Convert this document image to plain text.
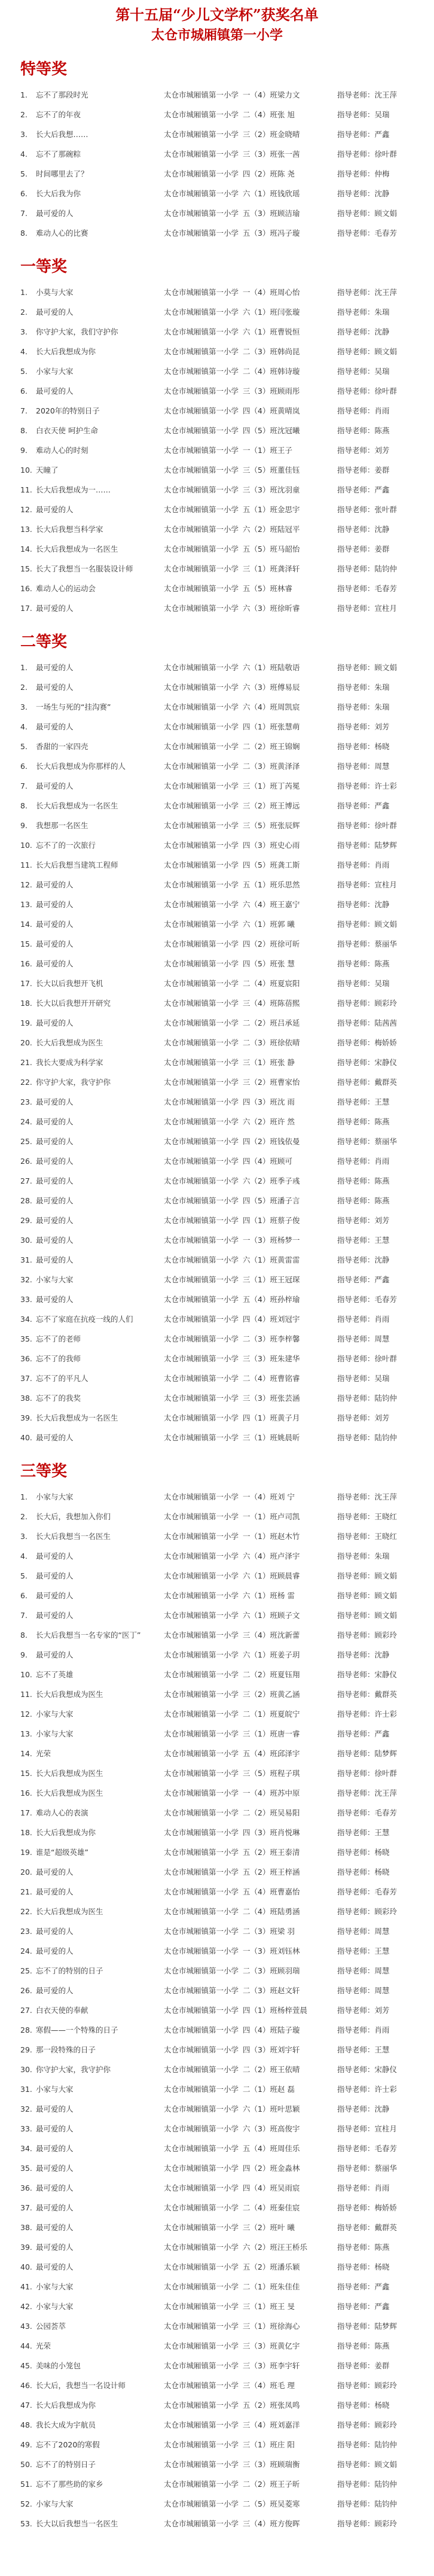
第十五届“少儿文学杯”获奖名单

太仓市城厢镇第一小学

特等奖
1. 忘不了那段时光	太仓市城厢镇第一小学 一（4）班 梁力文	指导老师：沈王萍
2. 忘不了的年夜	太仓市城厢镇第一小学 二（4）班 张 旭	指导老师：吴瑞
3. 长大后我想……	太仓市城厢镇第一小学 三（2）班 金晓晴	指导老师：严鑫
4. 忘不了那碗粽	太仓市城厢镇第一小学 三（3）班 张一茜	指导老师：徐叶群
5. 时间哪里去了？	太仓市城厢镇第一小学 四（2）班 陈 尧	指导老师：仲梅
6. 长大后我为你	太仓市城厢镇第一小学 六（1）班 钱欣瑶	指导老师：沈静
7. 最可爱的人	太仓市城厢镇第一小学 五（3）班 顾洁瑜	指导老师：顾文娟
8. 难动人心的比赛	太仓市城厢镇第一小学 五（3）班 冯子璇	指导老师：毛春芳
一等奖
1. 小莫与大家	太仓市城厢镇第一小学 一（4）班 周心怡	指导老师：沈王萍
2. 最可爱的人	太仓市城厢镇第一小学 六（1）班 闫张璇	指导老师：朱瑞
3. 你守护大家，我们守护你	太仓市城厢镇第一小学 六（1）班 曹锐恒	指导老师：沈静
4. 长大后我想成为你	太仓市城厢镇第一小学 二（3）班 韩尚昆	指导老师：顾文娟
5. 小家与大家	太仓市城厢镇第一小学 二（4）班 韩诗璇	指导老师：吴瑞
6. 最可爱的人	太仓市城厢镇第一小学 三（3）班 顾雨彤	指导老师：徐叶群
7. 2020年的特别日子	太仓市城厢镇第一小学 四（4）班 黄晴岚	指导老师：肖雨
8. 白衣天使 呵护生命	太仓市城厢镇第一小学 四（5）班 沈冠曦	指导老师：陈燕
9. 难动人心的时刻	太仓市城厢镇第一小学 一（1）班 王子	指导老师：刘芳
10. 天瞳了	太仓市城厢镇第一小学 三（5）班 董佳钰	指导老师：姜群
11. 长大后我想成为一……	太仓市城厢镇第一小学 三（3）班 沈羽童	指导老师：严鑫
12. 最可爱的人	太仓市城厢镇第一小学 五（1）班 金思宇	指导老师：张叶群
13. 长大后我想当科学家	太仓市城厢镇第一小学 六（2）班 陆冠平	指导老师：沈静
14. 长大后我想成为一名医生	太仓市城厢镇第一小学 五（5）班 马韶怡	指导老师：姜群
15. 长大了我想当一名服装设计师	太仓市城厢镇第一小学 三（1）班 龚泽轩	指导老师：陆钧仲
16. 难动人心的运动会	太仓市城厢镇第一小学 五（5）班 林睿	指导老师：毛春芳
17. 最可爱的人	太仓市城厢镇第一小学 六（3）班 徐昕睿	指导老师：宣柱月
二等奖
1. 最可爱的人	太仓市城厢镇第一小学 六（1）班 陆敬语	指导老师：顾文娟
2. 最可爱的人	太仓市城厢镇第一小学 六（3）班 傅易辰	指导老师：朱瑞
3. 一场生与死的“挂沟赛”	太仓市城厢镇第一小学 六（4）班 周凯宸	指导老师：朱瑞
4. 最可爱的人	太仓市城厢镇第一小学 四（1）班 张慧萌	指导老师：刘芳
5. 香甜的一家四壳	太仓市城厢镇第一小学 二（2）班 王锦娴	指导老师：杨晓
6. 长大后我想成为你那样的人	太仓市城厢镇第一小学 二（3）班 黄泽泽	指导老师：周慧
7. 最可爱的人	太仓市城厢镇第一小学 三（1）班 丁芮冕	指导老师：许士彩
8. 长大后我想成为一名医生	太仓市城厢镇第一小学 三（2）班 王博远	指导老师：严鑫
9. 我想那一名医生	太仓市城厢镇第一小学 三（5）班 张辰辉	指导老师：徐叶群
10. 忘不了的一次旅行	太仓市城厢镇第一小学 四（3）班 史心雨	指导老师：陆梦辉
11. 长大后我想当建筑工程师	太仓市城厢镇第一小学 四（5）班 龚工斯	指导老师：肖雨
12. 最可爱的人	太仓市城厢镇第一小学 五（1）班 乐思然	指导老师：宣柱月
13. 最可爱的人	太仓市城厢镇第一小学 六（4）班 王嘉宁	指导老师：沈静
14. 最可爱的人	太仓市城厢镇第一小学 六（1）班 郭 曦	指导老师：顾文娟
15. 最可爱的人	太仓市城厢镇第一小学 四（2）班 徐可昕	指导老师：蔡丽华
16. 最可爱的人	太仓市城厢镇第一小学 四（5）班 张 慧	指导老师：陈燕
17. 长大以后我想开飞机	太仓市城厢镇第一小学 二（4）班 夏宸阳	指导老师：吴瑞
18. 长大以后我想开开研究	太仓市城厢镇第一小学 三（4）班 陈蓓熙	指导老师：顾彩玲
19. 最可爱的人	太仓市城厢镇第一小学 二（2）班 吕承延	指导老师：陆茜茜
20. 长大后我想成为医生	太仓市城厢镇第一小学 二（3）班 徐依晴	指导老师：梅娇娇
21. 我长大要成为科学家	太仓市城厢镇第一小学 三（1）班 张 静	指导老师：宋静仪
22. 你守护大家，我守护你	太仓市城厢镇第一小学 三（2）班 曹家怡	指导老师：戴群英
23. 最可爱的人	太仓市城厢镇第一小学 四（3）班 沈 雨	指导老师：王慧
24. 最可爱的人	太仓市城厢镇第一小学 六（2）班 许 然	指导老师：陈燕
25. 最可爱的人	太仓市城厢镇第一小学 四（2）班 钱依曼	指导老师：蔡丽华
26. 最可爱的人	太仓市城厢镇第一小学 四（4）班 顾可	指导老师：肖雨
27. 最可爱的人	太仓市城厢镇第一小学 六（2）班 季子彧	指导老师：陈燕
28. 最可爱的人	太仓市城厢镇第一小学 四（5）班 潘子言	指导老师：陈燕
29. 最可爱的人	太仓市城厢镇第一小学 四（1）班 蔡子俊	指导老师：刘芳
30. 最可爱的人	太仓市城厢镇第一小学 一（3）班 杨梦一	指导老师：王慧
31. 最可爱的人	太仓市城厢镇第一小学 六（1）班 黄雷雷	指导老师：沈静
32. 小家与大家	太仓市城厢镇第一小学 三（1）班 王冠琛	指导老师：严鑫
33. 最可爱的人	太仓市城厢镇第一小学 五（4）班 孙梓瑜	指导老师：毛春芳
34. 忘不了家庭在抗疫一线的人们	太仓市城厢镇第一小学 四（4）班 刘冠宇	指导老师：肖雨
35. 忘不了的老师	太仓市城厢镇第一小学 二（3）班 李梓馨	指导老师：周慧
36. 忘不了的我师	太仓市城厢镇第一小学 三（3）班 朱建华	指导老师：徐叶群
37. 忘不了的平凡人	太仓市城厢镇第一小学 二（4）班 曹铭睿	指导老师：吴瑞
38. 忘不了的我奖	太仓市城厢镇第一小学 三（3）班 张芸涵	指导老师：陆钧仲
39. 长大后我想成为一名医生	太仓市城厢镇第一小学 四（1）班 黄子月	指导老师：刘芳
40. 最可爱的人	太仓市城厢镇第一小学 三（1）班 姚晨昕	指导老师：陆钧仲
三等奖
1. 小家与大家	太仓市城厢镇第一小学 一（4）班 刘 宁	指导老师：沈王萍
2. 长大后，我想加入你们	太仓市城厢镇第一小学 一（1）班 卢司凯	指导老师：王晓红
3. 长大后我想当一名医生	太仓市城厢镇第一小学 一（1）班 赵木竹	指导老师：王晓红
4. 最可爱的人	太仓市城厢镇第一小学 六（4）班 卢泽宇	指导老师：朱瑞
5. 最可爱的人	太仓市城厢镇第一小学 六（1）班 顾晨睿	指导老师：顾文娟
6. 最可爱的人	太仓市城厢镇第一小学 六（1）班 杨 雷	指导老师：顾文娟
7. 最可爱的人	太仓市城厢镇第一小学 六（1）班 顾子文	指导老师：顾文娟
8. 长大后我想当一名专家的“医丁”	太仓市城厢镇第一小学 三（4）班 沈新蕾	指导老师：顾彩玲
9. 最可爱的人	太仓市城厢镇第一小学 六（1）班 姜子玥	指导老师：沈静
10. 忘不了英雄	太仓市城厢镇第一小学 二（2）班 夏钰翔	指导老师：宋静仪
11. 长大后我想成为医生	太仓市城厢镇第一小学 三（2）班 黄乙涵	指导老师：戴群英
12. 小家与大家	太仓市城厢镇第一小学 二（1）班 夏皖宁	指导老师：许士彩
13. 小家与大家	太仓市城厢镇第一小学 三（1）班 唐一睿	指导老师：严鑫
14. 光荣	太仓市城厢镇第一小学 五（4）班 邱泽宇	指导老师：陆梦辉
15. 长大后我想成为医生	太仓市城厢镇第一小学 三（5）班 程子琪	指导老师：徐叶群
16. 长大后我想成为医生	太仓市城厢镇第一小学 一（4）班 苏中原	指导老师：沈王萍
17. 难动人心的表演	太仓市城厢镇第一小学 二（2）班 吴易阳	指导老师：毛春芳
18. 长大后我想成为你	太仓市城厢镇第一小学 四（3）班 肖悦琳	指导老师：王慧
19. 谁是“超级英雄”	太仓市城厢镇第一小学 五（2）班 王泰清	指导老师：杨晓
20. 最可爱的人	太仓市城厢镇第一小学 五（2）班 王梓涵	指导老师：杨晓
21. 最可爱的人	太仓市城厢镇第一小学 五（4）班 曹嘉怡	指导老师：毛春芳
22. 长大后我想成为医生	太仓市城厢镇第一小学 二（4）班 陆勇涵	指导老师：顾彩玲
23. 最可爱的人	太仓市城厢镇第一小学 二（3）班 梁 羽	指导老师：周慧
24. 最可爱的人	太仓市城厢镇第一小学 一（3）班 刘钰林	指导老师：王慧
25. 忘不了的特别的日子	太仓市城厢镇第一小学 二（3）班 顾羽瑞	指导老师：周慧
26. 最可爱的人	太仓市城厢镇第一小学 二（3）班 赵文轩	指导老师：周慧
27. 白衣天使的奉献	太仓市城厢镇第一小学 四（1）班 杨梓萱晨	指导老师：刘芳
28. 寒假——一个特殊的日子	太仓市城厢镇第一小学 四（4）班 陆子璇	指导老师：肖雨
29. 那一段特殊的日子	太仓市城厢镇第一小学 四（3）班 刘宇轩	指导老师：王慧
30. 你守护大家，我守护你	太仓市城厢镇第一小学 二（2）班 王依晴	指导老师：宋静仪
31. 小家与大家	太仓市城厢镇第一小学 二（1）班 赵 磊	指导老师：许士彩
32. 最可爱的人	太仓市城厢镇第一小学 六（1）班 叶思颖	指导老师：沈静
33. 最可爱的人	太仓市城厢镇第一小学 六（3）班 高俊宇	指导老师：宣柱月
34. 最可爱的人	太仓市城厢镇第一小学 五（4）班 周佳乐	指导老师：毛春芳
35. 最可爱的人	太仓市城厢镇第一小学 四（2）班 金淼林	指导老师：蔡丽华
36. 最可爱的人	太仓市城厢镇第一小学 四（4）班 吴雨宸	指导老师：肖雨
37. 最可爱的人	太仓市城厢镇第一小学 二（4）班 秦佳宸	指导老师：梅娇娇
38. 最可爱的人	太仓市城厢镇第一小学 三（2）班 叶 曦	指导老师：戴群英
39. 最可爱的人	太仓市城厢镇第一小学 六（2）班 汪王桥乐	指导老师：陈燕
40. 最可爱的人	太仓市城厢镇第一小学 五（2）班 潘乐颖	指导老师：杨晓
41. 小家与大家	太仓市城厢镇第一小学 二（1）班 朱佳佳	指导老师：严鑫
42. 小家与大家	太仓市城厢镇第一小学 三（1）班 王 旻	指导老师：严鑫
43. 公园荟萃	太仓市城厢镇第一小学 三（1）班 徐海心	指导老师：陆梦辉
44. 光荣	太仓市城厢镇第一小学 三（3）班 黄亿宇	指导老师：陈燕
45. 美味的小笼包	太仓市城厢镇第一小学 三（3）班 李宇轩	指导老师：姜群
46. 长大后，我想当一名设计师	太仓市城厢镇第一小学 三（4）班 毛 理	指导老师：顾彩玲
47. 长大后我想成为你	太仓市城厢镇第一小学 五（2）班 张凤鸣	指导老师：杨晓
48. 我长大成为宇航员	太仓市城厢镇第一小学 三（4）班 刘嘉洋	指导老师：顾彩玲
49. 忘不了2020的寒假	太仓市城厢镇第一小学 三（1）班 庄 阳	指导老师：陆钧仲
50. 忘不了的特别日子	太仓市城厢镇第一小学 三（3）班 顾瑞衡	指导老师：顾文娟
51. 忘不了那些助的家乡	太仓市城厢镇第一小学 二（2）班 王子昕	指导老师：陆钧仲
52. 小家与大家	太仓市城厢镇第一小学 二（5）班 吴菱寒	指导老师：陆钧仲
53. 长大以后我想当一名医生	太仓市城厢镇第一小学 三（4）班 方俊晖	指导老师：顾彩玲
